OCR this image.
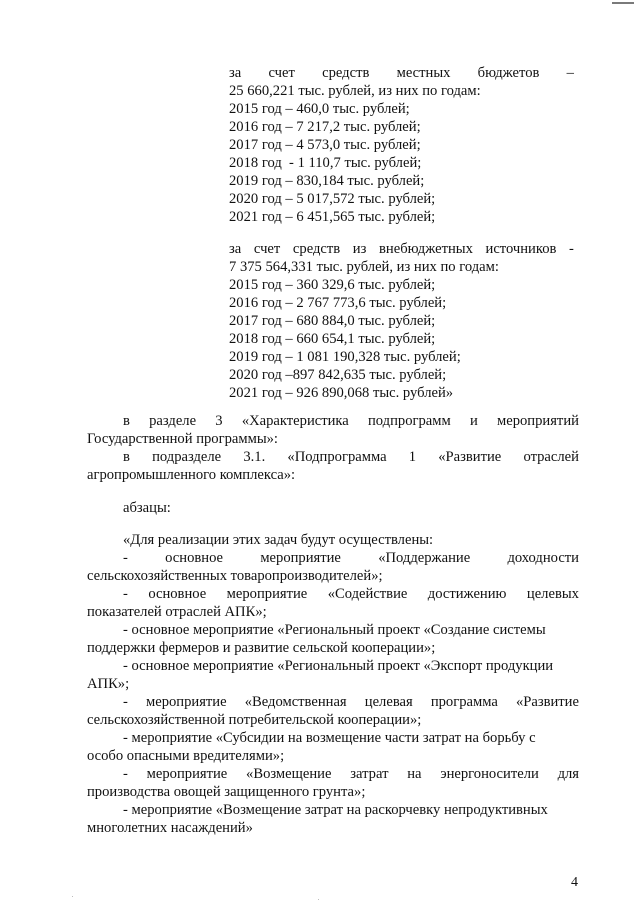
за счет средств местных бюджетов –
25 660,221 тыс. рублей, из них по годам:
2015 год – 460,0 тыс. рублей;
2016 год – 7 217,2 тыс. рублей;
2017 год – 4 573,0 тыс. рублей;
2018 год  - 1 110,7 тыс. рублей;
2019 год – 830,184 тыс. рублей;
2020 год – 5 017,572 тыс. рублей;
2021 год – 6 451,565 тыс. рублей;
за счет средств из внебюджетных источников -
7 375 564,331 тыс. рублей, из них по годам:
2015 год – 360 329,6 тыс. рублей;
2016 год – 2 767 773,6 тыс. рублей;
2017 год – 680 884,0 тыс. рублей;
2018 год – 660 654,1 тыс. рублей;
2019 год – 1 081 190,328 тыс. рублей;
2020 год –897 842,635 тыс. рублей;
2021 год – 926 890,068 тыс. рублей»
в разделе 3 «Характеристика подпрограмм и мероприятий
Государственной программы»:
в подразделе 3.1. «Подпрограмма 1 «Развитие отраслей
агропромышленного комплекса»:
абзацы:
«Для реализации этих задач будут осуществлены:
-	основное	мероприятие	«Поддержание	доходности
сельскохозяйственных товаропроизводителей»;
- основное мероприятие «Содействие достижению целевых
показателей отраслей АПК»;
- основное мероприятие «Региональный проект «Создание системы
поддержки фермеров и развитие сельской кооперации»;
- основное мероприятие «Региональный проект «Экспорт продукции
АПК»;
- мероприятие «Ведомственная целевая программа «Развитие
сельскохозяйственной потребительской кооперации»;
- мероприятие «Субсидии на возмещение части затрат на борьбу с
особо опасными вредителями»;
- мероприятие «Возмещение затрат на энергоносители для
производства овощей защищенного грунта»;
- мероприятие «Возмещение затрат на раскорчевку непродуктивных
многолетних насаждений»
4
